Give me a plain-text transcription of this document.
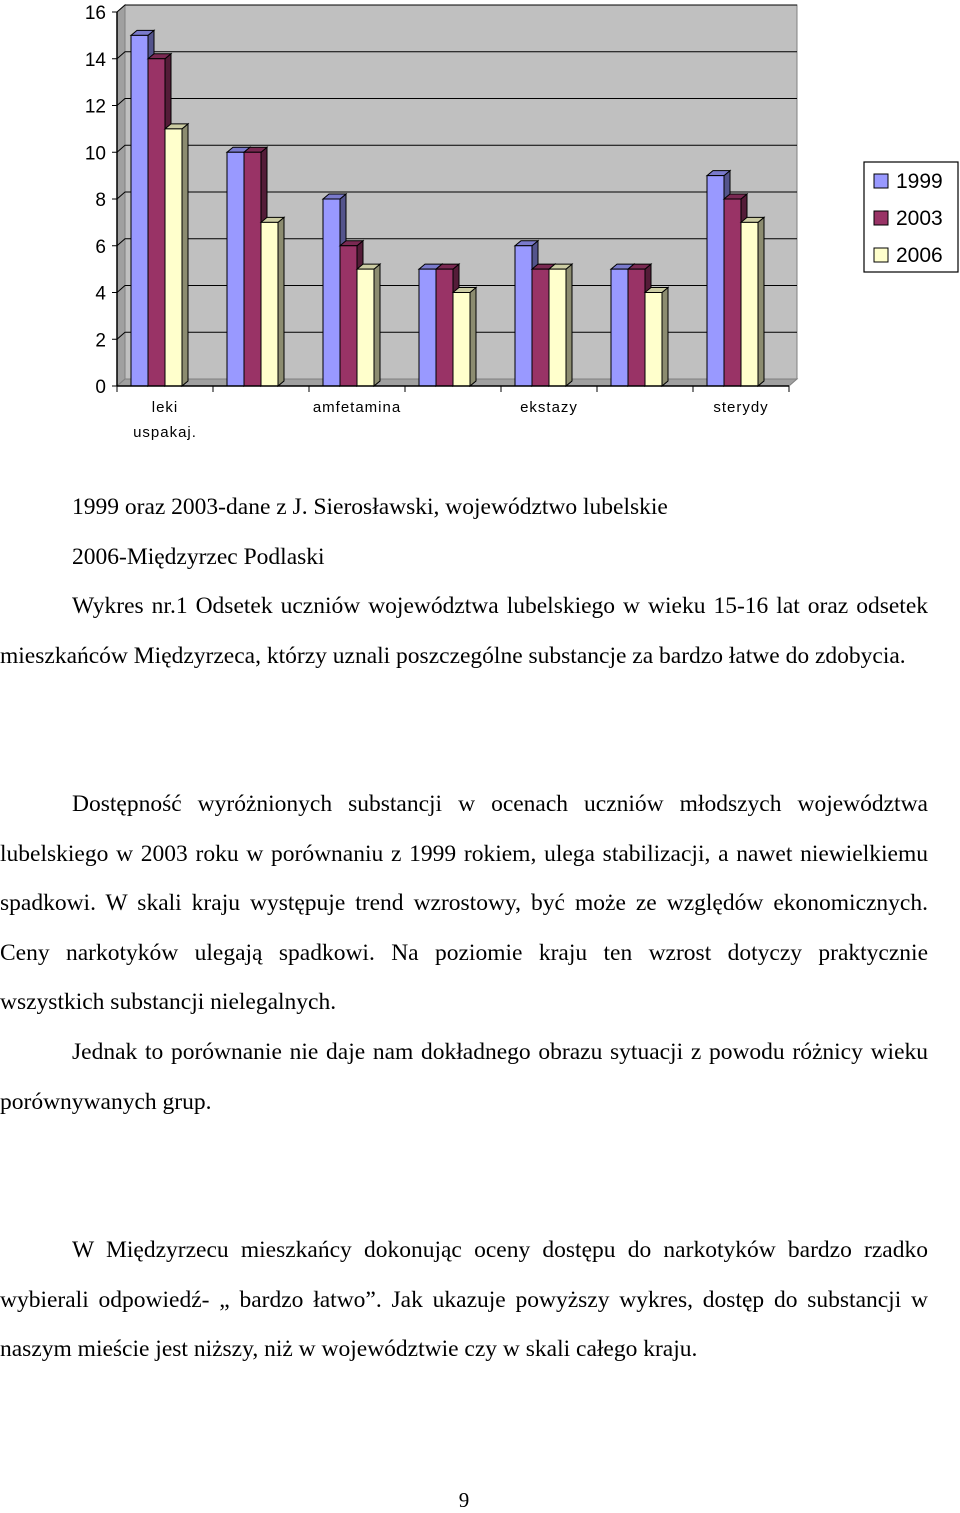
0
2
4
6
8
10
12
14
16
leki
uspakaj.
amfetamina	ekstazy	sterydy
1999
2003
2006

1999 oraz 2003-dane z J. Sierosławski, województwo lubelskie

2006-Międzyrzec Podlaski

Wykres nr.1 Odsetek uczniów województwa lubelskiego w wieku 15-16 lat oraz odsetek mieszkańców Międzyrzeca, którzy uznali poszczególne substancje za bardzo łatwe do zdobycia.

Dostępność wyróżnionych substancji w ocenach uczniów młodszych województwa lubelskiego w 2003 roku w porównaniu z 1999 rokiem, ulega stabilizacji, a nawet niewielkiemu spadkowi. W skali kraju występuje trend wzrostowy, być może ze względów ekonomicznych. Ceny narkotyków ulegają spadkowi. Na poziomie kraju ten wzrost dotyczy praktycznie wszystkich substancji nielegalnych.

Jednak to porównanie nie daje nam dokładnego obrazu sytuacji z powodu różnicy wieku porównywanych grup.

W Międzyrzecu mieszkańcy dokonując oceny dostępu do narkotyków bardzo rzadko wybierali odpowiedź- „ bardzo łatwo”. Jak ukazuje powyższy wykres, dostęp do substancji w naszym mieście jest niższy, niż w województwie czy w skali całego kraju.

9
